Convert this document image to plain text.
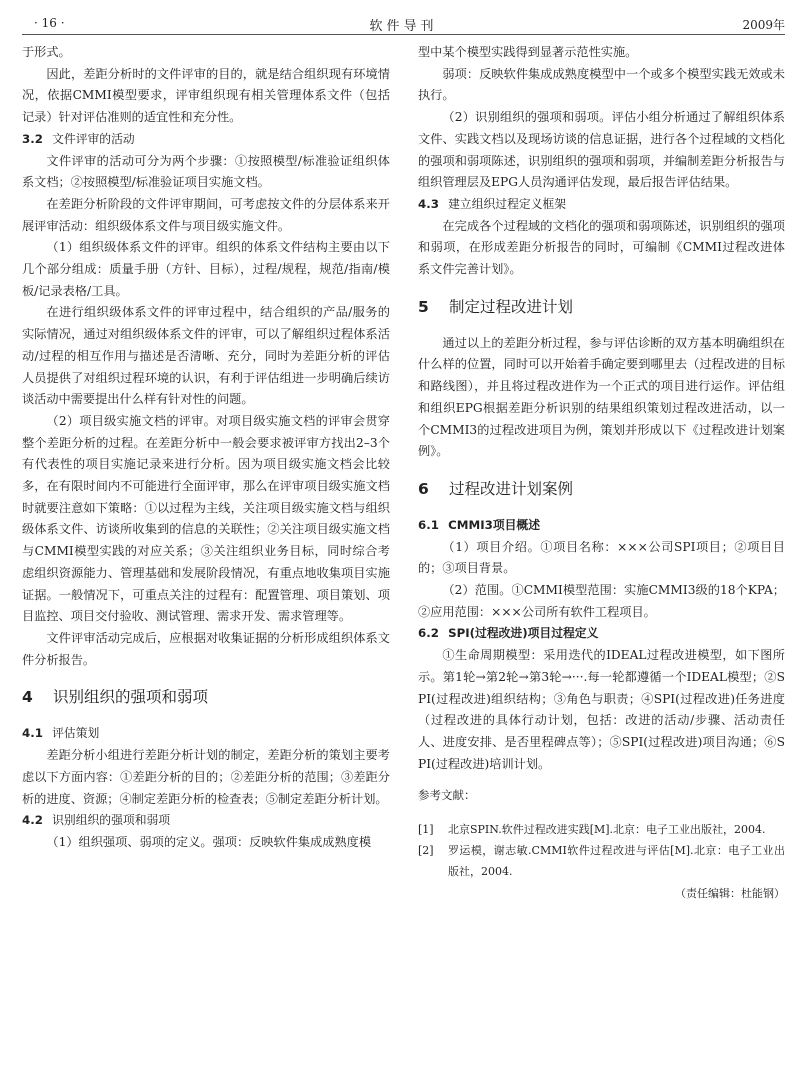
· 16 ·	软件导刊	2009年

于形式。

因此，差距分析时的文件评审的目的，就是结合组织现有环境情况，依据CMMI模型要求，评审组织现有相关管理体系文件（包括记录）针对评估准则的适宜性和充分性。

3.2 文件评审的活动

文件评审的活动可分为两个步骤：①按照模型/标准验证组织体系文档；②按照模型/标准验证项目实施文档。

在差距分析阶段的文件评审期间，可考虑按文件的分层体系来开展评审活动：组织级体系文件与项目级实施文件。

（1）组织级体系文件的评审。组织的体系文件结构主要由以下几个部分组成：质量手册（方针、目标），过程/规程，规范/指南/模板/记录表格/工具。

在进行组织级体系文件的评审过程中，结合组织的产品/服务的实际情况，通过对组织级体系文件的评审，可以了解组织过程体系活动/过程的相互作用与描述是否清晰、充分，同时为差距分析的评估人员提供了对组织过程环境的认识，有利于评估组进一步明确后续访谈活动中需要提出什么样有针对性的问题。

（2）项目级实施文档的评审。对项目级实施文档的评审会贯穿整个差距分析的过程。在差距分析中一般会要求被评审方找出2–3个有代表性的项目实施记录来进行分析。因为项目级实施文档会比较多，在有限时间内不可能进行全面评审，那么在评审项目级实施文档时就要注意如下策略：①以过程为主线，关注项目级实施文档与组织级体系文件、访谈所收集到的信息的关联性；②关注项目级实施文档与CMMI模型实践的对应关系；③关注组织业务目标，同时综合考虑组织资源能力、管理基础和发展阶段情况，有重点地收集项目实施证据。一般情况下，可重点关注的过程有：配置管理、项目策划、项目监控、项目交付验收、测试管理、需求开发、需求管理等。

文件评审活动完成后，应根据对收集证据的分析形成组织体系文件分析报告。

4 识别组织的强项和弱项
4.1 评估策划

差距分析小组进行差距分析计划的制定，差距分析的策划主要考虑以下方面内容：①差距分析的目的；②差距分析的范围；③差距分析的进度、资源；④制定差距分析的检查表；⑤制定差距分析计划。

4.2 识别组织的强项和弱项

（1）组织强项、弱项的定义。强项：反映软件集成成熟度模

型中某个模型实践得到显著示范性实施。

弱项：反映软件集成成熟度模型中一个或多个模型实践无效或未执行。

（2）识别组织的强项和弱项。评估小组分析通过了解组织体系文件、实践文档以及现场访谈的信息证据，进行各个过程域的文档化的强项和弱项陈述，识别组织的强项和弱项，并编制差距分析报告与组织管理层及EPG人员沟通评估发现，最后报告评估结果。

4.3 建立组织过程定义框架

在完成各个过程域的文档化的强项和弱项陈述，识别组织的强项和弱项，在形成差距分析报告的同时，可编制《CMMI过程改进体系文件完善计划》。

5 制定过程改进计划

通过以上的差距分析过程，参与评估诊断的双方基本明确组织在什么样的位置，同时可以开始着手确定要到哪里去（过程改进的目标和路线图），并且将过程改进作为一个正式的项目进行运作。评估组和组织EPG根据差距分析识别的结果组织策划过程改进活动，以一个CMMI3的过程改进项目为例，策划并形成以下《过程改进计划案例》。

6 过程改进计划案例
6.1 CMMI3项目概述

（1）项目介绍。①项目名称：×××公司SPI项目；②项目目的；③项目背景。

（2）范围。①CMMI模型范围：实施CMMI3级的18个KPA；②应用范围：×××公司所有软件工程项目。

6.2 SPI(过程改进)项目过程定义

①生命周期模型：采用迭代的IDEAL过程改进模型，如下图所示。第1轮→第2轮→第3轮→···.每一轮都遵循一个IDEAL模型；②SPI(过程改进)组织结构；③角色与职责；④SPI(过程改进)任务进度（过程改进的具体行动计划，包括：改进的活动/步骤、活动责任人、进度安排、是否里程碑点等）；⑤SPI(过程改进)项目沟通；⑥SPI(过程改进)培训计划。

参考文献：

[1] 北京SPIN.软件过程改进实践[M].北京：电子工业出版社，2004.

[2] 罗运模，谢志敏.CMMI软件过程改进与评估[M].北京：电子工业出版社，2004.

（责任编辑：杜能钢）
